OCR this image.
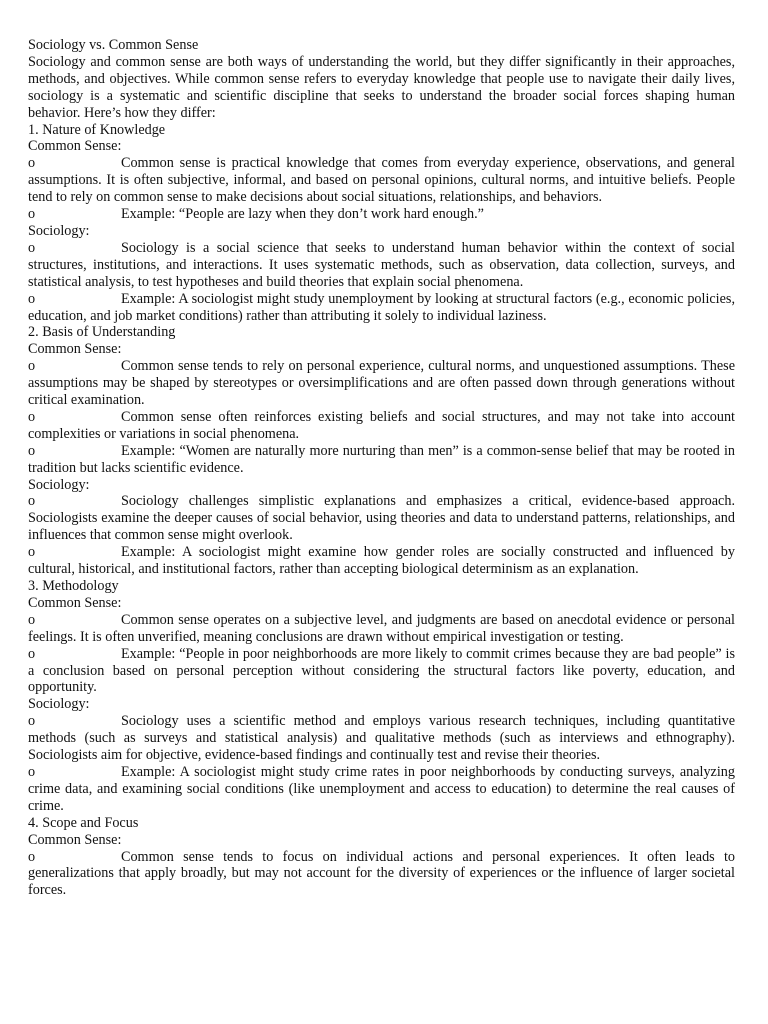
Sociology vs. Common Sense

Sociology and common sense are both ways of understanding the world, but they differ significantly in their approaches, methods, and objectives. While common sense refers to everyday knowledge that people use to navigate their daily lives, sociology is a systematic and scientific discipline that seeks to understand the broader social forces shaping human behavior. Here’s how they differ:

1. Nature of Knowledge

Common Sense:

o	Common sense is practical knowledge that comes from everyday experience, observations, and general assumptions. It is often subjective, informal, and based on personal opinions, cultural norms, and intuitive beliefs. People tend to rely on common sense to make decisions about social situations, relationships, and behaviors.

o	Example: “People are lazy when they don’t work hard enough.”

Sociology:

o	Sociology is a social science that seeks to understand human behavior within the context of social structures, institutions, and interactions. It uses systematic methods, such as observation, data collection, surveys, and statistical analysis, to test hypotheses and build theories that explain social phenomena.

o	Example: A sociologist might study unemployment by looking at structural factors (e.g., economic policies, education, and job market conditions) rather than attributing it solely to individual laziness.

2. Basis of Understanding

Common Sense:

o	Common sense tends to rely on personal experience, cultural norms, and unquestioned assumptions. These assumptions may be shaped by stereotypes or oversimplifications and are often passed down through generations without critical examination.

o	Common sense often reinforces existing beliefs and social structures, and may not take into account complexities or variations in social phenomena.

o	Example: “Women are naturally more nurturing than men” is a common-sense belief that may be rooted in tradition but lacks scientific evidence.

Sociology:

o	Sociology challenges simplistic explanations and emphasizes a critical, evidence-based approach. Sociologists examine the deeper causes of social behavior, using theories and data to understand patterns, relationships, and influences that common sense might overlook.

o	Example: A sociologist might examine how gender roles are socially constructed and influenced by cultural, historical, and institutional factors, rather than accepting biological determinism as an explanation.

3. Methodology

Common Sense:

o	Common sense operates on a subjective level, and judgments are based on anecdotal evidence or personal feelings. It is often unverified, meaning conclusions are drawn without empirical investigation or testing.

o	Example: “People in poor neighborhoods are more likely to commit crimes because they are bad people” is a conclusion based on personal perception without considering the structural factors like poverty, education, and opportunity.

Sociology:

o	Sociology uses a scientific method and employs various research techniques, including quantitative methods (such as surveys and statistical analysis) and qualitative methods (such as interviews and ethnography). Sociologists aim for objective, evidence-based findings and continually test and revise their theories.

o	Example: A sociologist might study crime rates in poor neighborhoods by conducting surveys, analyzing crime data, and examining social conditions (like unemployment and access to education) to determine the real causes of crime.

4. Scope and Focus

Common Sense:

o	Common sense tends to focus on individual actions and personal experiences. It often leads to generalizations that apply broadly, but may not account for the diversity of experiences or the influence of larger societal forces.
